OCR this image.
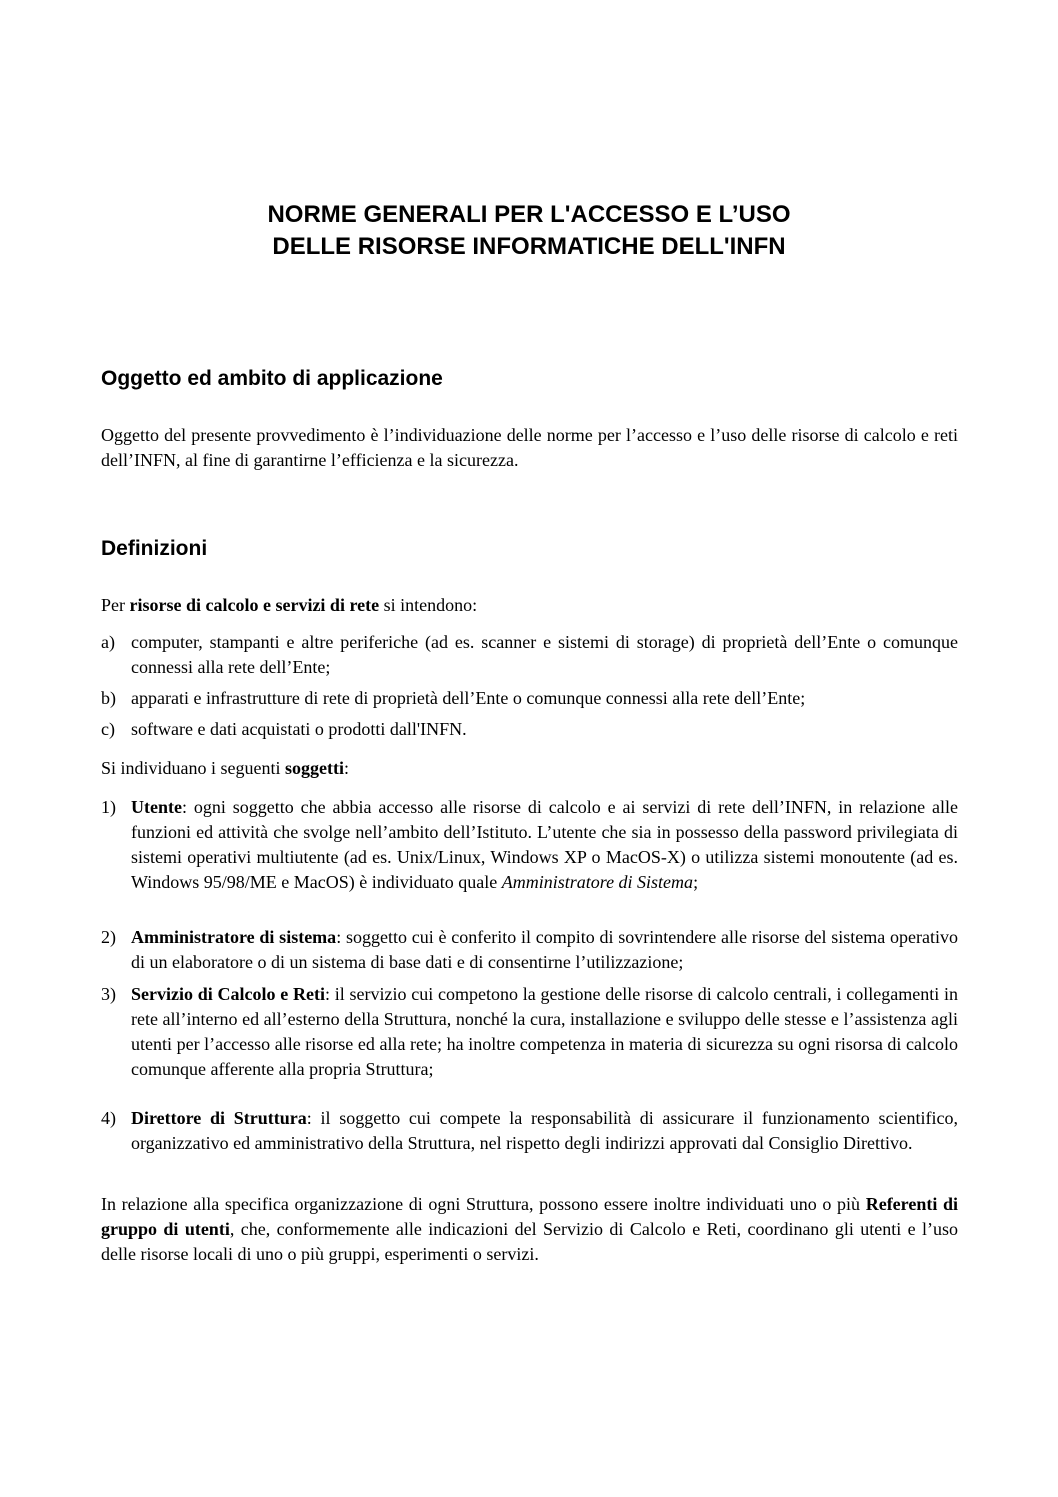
NORME GENERALI PER L'ACCESSO E L’USO
DELLE RISORSE INFORMATICHE DELL'INFN
Oggetto ed ambito di applicazione
Oggetto del presente provvedimento è l’individuazione delle norme per l’accesso e l’uso delle risorse di calcolo e reti dell’INFN, al fine di garantirne l’efficienza e la sicurezza.
Definizioni
Per risorse di calcolo e servizi di rete si intendono:
a) computer, stampanti e altre periferiche (ad es. scanner e sistemi di storage) di proprietà dell’Ente o comunque connessi alla rete dell’Ente;
b) apparati e infrastrutture di rete di proprietà dell’Ente o comunque connessi alla rete dell’Ente;
c) software e dati acquistati o prodotti dall'INFN.
Si individuano i seguenti soggetti:
1) Utente: ogni soggetto che abbia accesso alle risorse di calcolo e ai servizi di rete dell’INFN, in relazione alle funzioni ed attività che svolge nell’ambito dell’Istituto. L’utente che sia in possesso della password privilegiata di sistemi operativi multiutente (ad es. Unix/Linux, Windows XP o MacOS-X) o utilizza sistemi monoutente (ad es. Windows 95/98/ME e MacOS) è individuato quale Amministratore di Sistema;
2) Amministratore di sistema: soggetto cui è conferito il compito di sovrintendere alle risorse del sistema operativo di un elaboratore o di un sistema di base dati e di consentirne l’utilizzazione;
3) Servizio di Calcolo e Reti: il servizio cui competono la gestione delle risorse di calcolo centrali, i collegamenti in rete all’interno ed all’esterno della Struttura, nonché la cura, installazione e sviluppo delle stesse e l’assistenza agli utenti per l’accesso alle risorse ed alla rete; ha inoltre competenza in materia di sicurezza su ogni risorsa di calcolo comunque afferente alla propria Struttura;
4) Direttore di Struttura: il soggetto cui compete la responsabilità di assicurare il funzionamento scientifico, organizzativo ed amministrativo della Struttura, nel rispetto degli indirizzi approvati dal Consiglio Direttivo.
In relazione alla specifica organizzazione di ogni Struttura, possono essere inoltre individuati uno o più Referenti di gruppo di utenti, che, conformemente alle indicazioni del Servizio di Calcolo e Reti, coordinano gli utenti e l’uso delle risorse locali di uno o più gruppi, esperimenti o servizi.
